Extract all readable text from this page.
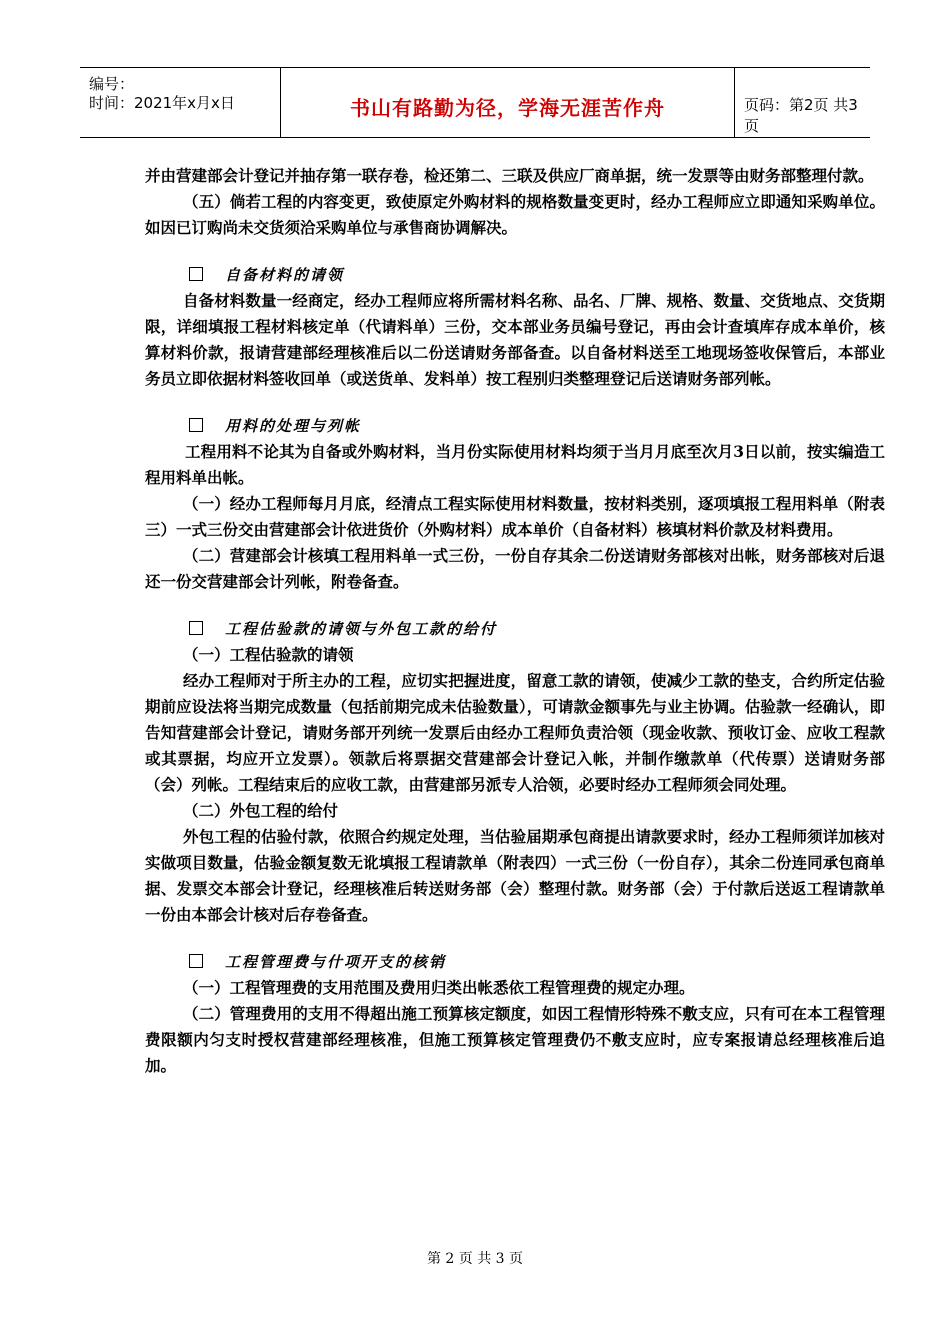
编号：
时间：2021年x月x日	书山有路勤为径，学海无涯苦作舟	页码：第2页 共3页

并由营建部会计登记并抽存第一联存卷，检还第二、三联及供应厂商单据，统一发票等由财务部整理付款。

（五）倘若工程的内容变更，致使原定外购材料的规格数量变更时，经办工程师应立即通知采购单位。如因已订购尚未交货须洽采购单位与承售商协调解决。

自备材料的请领

自备材料数量一经商定，经办工程师应将所需材料名称、品名、厂牌、规格、数量、交货地点、交货期限，详细填报工程材料核定单（代请料单）三份，交本部业务员编号登记，再由会计查填库存成本单价，核算材料价款，报请营建部经理核准后以二份送请财务部备查。以自备材料送至工地现场签收保管后，本部业务员立即依据材料签收回单（或送货单、发料单）按工程别归类整理登记后送请财务部列帐。

用料的处理与列帐

工程用料不论其为自备或外购材料，当月份实际使用材料均须于当月月底至次月3日以前，按实编造工程用料单出帐。

（一）经办工程师每月月底，经清点工程实际使用材料数量，按材料类别，逐项填报工程用料单（附表三）一式三份交由营建部会计依进货价（外购材料）成本单价（自备材料）核填材料价款及材料费用。

（二）营建部会计核填工程用料单一式三份，一份自存其余二份送请财务部核对出帐，财务部核对后退还一份交营建部会计列帐，附卷备查。

工程估验款的请领与外包工款的给付

（一）工程估验款的请领

经办工程师对于所主办的工程，应切实把握进度，留意工款的请领，使减少工款的垫支，合约所定估验期前应设法将当期完成数量（包括前期完成未估验数量），可请款金额事先与业主协调。估验款一经确认，即告知营建部会计登记，请财务部开列统一发票后由经办工程师负责洽领（现金收款、预收订金、应收工程款或其票据，均应开立发票）。领款后将票据交营建部会计登记入帐，并制作缴款单（代传票）送请财务部（会）列帐。工程结束后的应收工款，由营建部另派专人洽领，必要时经办工程师须会同处理。

（二）外包工程的给付

外包工程的估验付款，依照合约规定处理，当估验届期承包商提出请款要求时，经办工程师须详加核对实做项目数量，估验金额复数无讹填报工程请款单（附表四）一式三份（一份自存），其余二份连同承包商单据、发票交本部会计登记，经理核准后转送财务部（会）整理付款。财务部（会）于付款后送返工程请款单一份由本部会计核对后存卷备查。

工程管理费与什项开支的核销

（一）工程管理费的支用范围及费用归类出帐悉依工程管理费的规定办理。

（二）管理费用的支用不得超出施工预算核定额度，如因工程情形特殊不敷支应，只有可在本工程管理费限额内匀支时授权营建部经理核准，但施工预算核定管理费仍不敷支应时，应专案报请总经理核准后追加。

第 2 页 共 3 页
